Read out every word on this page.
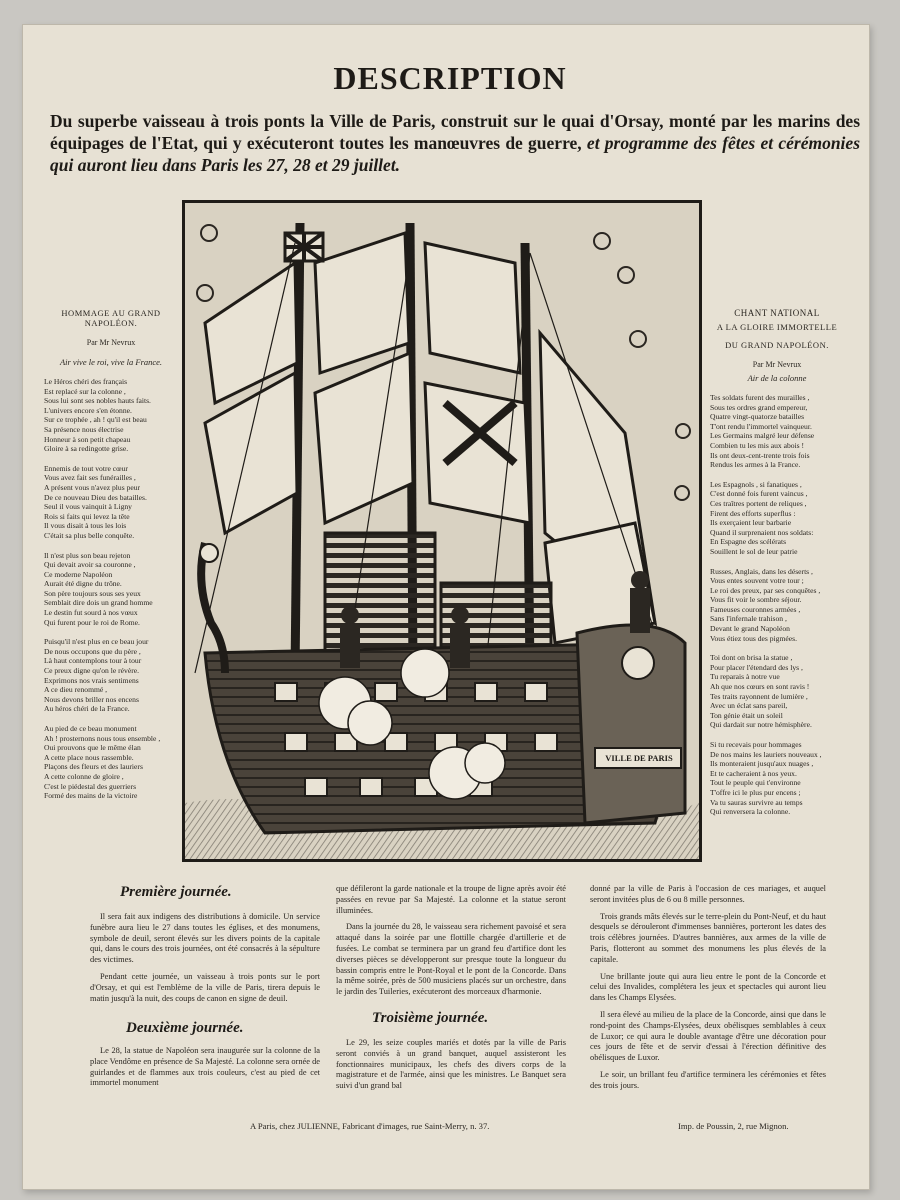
DESCRIPTION
Du superbe vaisseau à trois ponts la Ville de Paris, construit sur le quai d'Orsay, monté par les marins des équipages de l'Etat, qui y exécuteront toutes les manœuvres de guerre, et programme des fêtes et cérémonies qui auront lieu dans Paris les 27, 28 et 29 juillet.
HOMMAGE AU GRAND NAPOLÉON.
Par Mr Nevrux
Air vive le roi, vive la France.
Le Héros chéri des français
Est replacé sur la colonne ,
Sous lui sont ses nobles hauts faits.
L'univers encore s'en étonne.
Sur ce trophée , ah ! qu'il est beau
Sa présence nous électrise
Honneur à son petit chapeau
Gloire à sa redingotte grise.
Ennemis de tout votre cœur
Vous avez fait ses funérailles ,
A présent vous n'avez plus peur
De ce nouveau Dieu des batailles.
Seul il vous vainquit à Ligny
Rois si faits qui levez la tête
Il vous disait à tous les lois
C'était sa plus belle conquête.
Il n'est plus son beau rejeton
Qui devait avoir sa couronne ,
Ce moderne Napoléon
Aurait été digne du trône.
Son père toujours sous ses yeux
Semblait dire dois un grand homme
Le destin fut sourd à nos vœux
Qui furent pour le roi de Rome.
Puisqu'il n'est plus en ce beau jour
De nous occupons que du père ,
Là haut contemplons tour à tour
Ce preux digne qu'on le révère.
Exprimons nos vrais sentimens
A ce dieu renommé ,
Nous devons briller nos encens
Au héros chéri de la France.
Au pied de ce beau monument
Ah ! prosternons nous tous ensemble ,
Oui prouvons que le même élan
A cette place nous rassemble.
Plaçons des fleurs et des lauriers
A cette colonne de gloire ,
C'est le piédestal des guerriers
Formé des mains de la victoire
CHANT NATIONAL
A LA GLOIRE IMMORTELLE
DU GRAND NAPOLÉON.
Par Mr Nevrux
Air de la colonne
Tes soldats furent des murailles ,
Sous tes ordres grand empereur,
Quatre vingt-quatorze batailles
T'ont rendu l'immortel vainqueur.
Les Germains malgré leur défense
Combien tu les mis aux abois !
Ils ont deux-cent-trente trois fois
Rendus les armes à la France.
Les Espagnols , si fanatiques ,
C'est donné fois furent vaincus ,
Ces traîtres portent de reliques ,
Firent des efforts superflus :
Ils exerçaient leur barbarie
Quand il surprenaient nos soldats:
En Espagne des scélérats
Souillent le sol de leur patrie
Russes, Anglais, dans les déserts ,
Vous entes souvent votre tour ;
Le roi des preux, par ses conquêtes ,
Vous fit voir le sombre séjour.
Fameuses couronnes armées ,
Sans l'infernale trahison ,
Devant le grand Napoléon
Vous étiez tous des pigmées.
Toi dont on brisa la statue ,
Pour placer l'étendard des lys ,
Tu reparais à notre vue
Ah que nos cœurs en sont ravis !
Tes traits rayonnent de lumière ,
Avec un éclat sans pareil,
Ton génie était un soleil
Qui dardait sur notre hémisphère.
Si tu recevais pour hommages
De nos mains les lauriers nouveaux ,
Ils monteraient jusqu'aux nuages ,
Et te cacheraient à nos yeux.
Tout le peuple qui t'environne
T'offre ici le plus pur encens ;
Va tu sauras survivre au temps
Qui renversera la colonne.
VILLE DE PARIS
Première journée.

Il sera fait aux indigens des distributions à domicile. Un service funèbre aura lieu le 27 dans toutes les églises, et des monumens, symbole de deuil, seront élevés sur les divers points de la capitale qui, dans le cours des trois journées, ont été consacrés à la sépulture des victimes.

Pendant cette journée, un vaisseau à trois ponts sur le port d'Orsay, et qui est l'emblème de la ville de Paris, tirera depuis le matin jusqu'à la nuit, des coups de canon en signe de deuil.

Deuxième journée.

Le 28, la statue de Napoléon sera inaugurée sur la colonne de la place Vendôme en présence de Sa Majesté. La colonne sera ornée de guirlandes et de flammes aux trois couleurs, c'est au pied de cet immortel monument

que défileront la garde nationale et la troupe de ligne après avoir été passées en revue par Sa Majesté. La colonne et la statue seront illuminées.

Dans la journée du 28, le vaisseau sera richement pavoisé et sera attaqué dans la soirée par une flottille chargée d'artillerie et de fusées. Le combat se terminera par un grand feu d'artifice dont les diverses pièces se développeront sur presque toute la longueur du bassin compris entre le Pont-Royal et le pont de la Concorde. Dans la même soirée, près de 500 musiciens placés sur un orchestre, dans le jardin des Tuileries, exécuteront des morceaux d'harmonie.

Troisième journée.

Le 29, les seize couples mariés et dotés par la ville de Paris seront conviés à un grand banquet, auquel assisteront les fonctionnaires municipaux, les chefs des divers corps de la magistrature et de l'armée, ainsi que les ministres. Le Banquet sera suivi d'un grand bal

donné par la ville de Paris à l'occasion de ces mariages, et auquel seront invitées plus de 6 ou 8 mille personnes.

Trois grands mâts élevés sur le terre-plein du Pont-Neuf, et du haut desquels se dérouleront d'immenses bannières, porteront les dates des trois célèbres journées. D'autres bannières, aux armes de la ville de Paris, flotteront au sommet des monumens les plus élevés de la capitale.

Une brillante joute qui aura lieu entre le pont de la Concorde et celui des Invalides, complétera les jeux et spectacles qui auront lieu dans les Champs Elysées.

Il sera élevé au milieu de la place de la Concorde, ainsi que dans le rond-point des Champs-Elysées, deux obélisques semblables à ceux de Luxor; ce qui aura le double avantage d'être une décoration pour ces jours de fête et de servir d'essai à l'érection définitive des obélisques de Luxor.

Le soir, un brillant feu d'artifice terminera les cérémonies et fêtes des trois jours.

A Paris, chez JULIENNE, Fabricant d'images, rue Saint-Merry, n. 37.	Imp. de Poussin, 2, rue Mignon.
